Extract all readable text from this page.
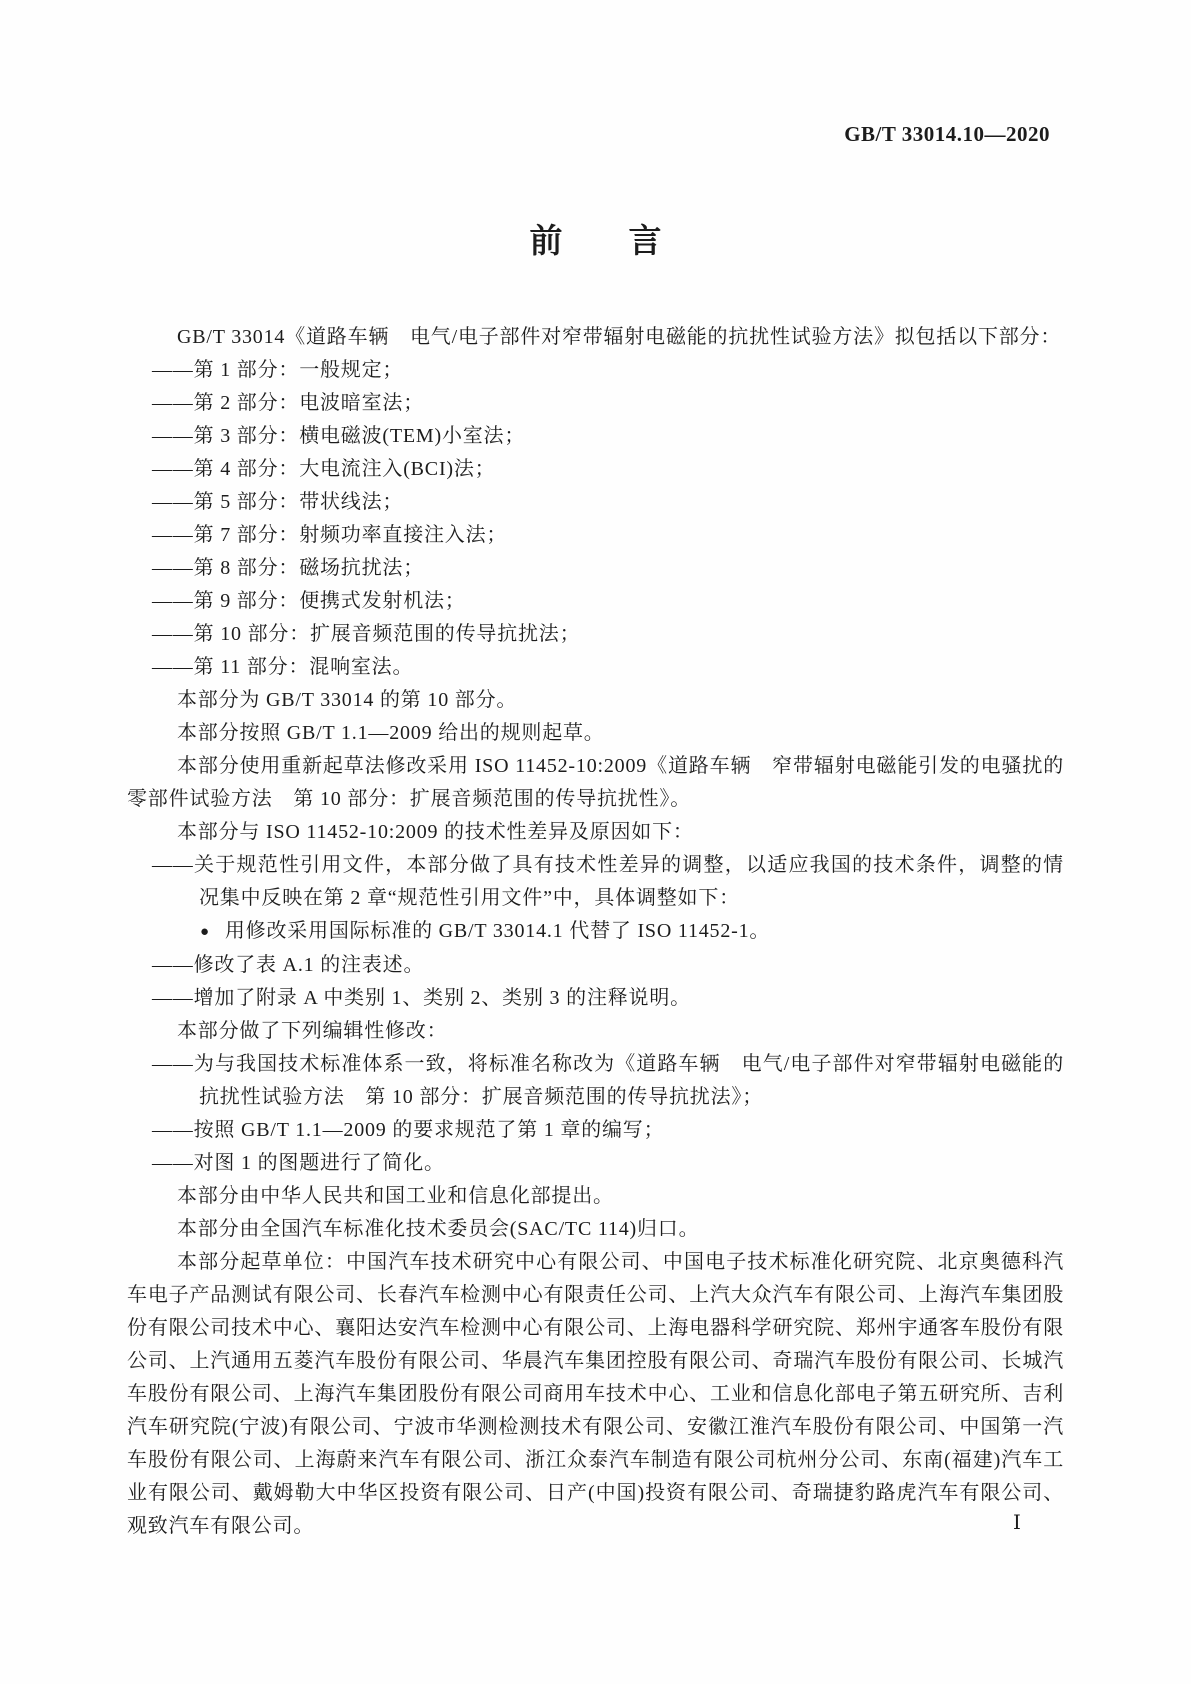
GB/T 33014.10—2020
前　　言
GB/T 33014《道路车辆　电气/电子部件对窄带辐射电磁能的抗扰性试验方法》拟包括以下部分：
——第 1 部分：一般规定；
——第 2 部分：电波暗室法；
——第 3 部分：横电磁波(TEM)小室法；
——第 4 部分：大电流注入(BCI)法；
——第 5 部分：带状线法；
——第 7 部分：射频功率直接注入法；
——第 8 部分：磁场抗扰法；
——第 9 部分：便携式发射机法；
——第 10 部分：扩展音频范围的传导抗扰法；
——第 11 部分：混响室法。
本部分为 GB/T 33014 的第 10 部分。
本部分按照 GB/T 1.1—2009 给出的规则起草。
本部分使用重新起草法修改采用 ISO 11452-10:2009《道路车辆　窄带辐射电磁能引发的电骚扰的零部件试验方法　第 10 部分：扩展音频范围的传导抗扰性》。
本部分与 ISO 11452-10:2009 的技术性差异及原因如下：
——关于规范性引用文件，本部分做了具有技术性差异的调整，以适应我国的技术条件，调整的情况集中反映在第 2 章“规范性引用文件”中，具体调整如下：
● 用修改采用国际标准的 GB/T 33014.1 代替了 ISO 11452-1。
——修改了表 A.1 的注表述。
——增加了附录 A 中类别 1、类别 2、类别 3 的注释说明。
本部分做了下列编辑性修改：
——为与我国技术标准体系一致，将标准名称改为《道路车辆　电气/电子部件对窄带辐射电磁能的抗扰性试验方法　第 10 部分：扩展音频范围的传导抗扰法》；
——按照 GB/T 1.1—2009 的要求规范了第 1 章的编写；
——对图 1 的图题进行了简化。
本部分由中华人民共和国工业和信息化部提出。
本部分由全国汽车标准化技术委员会(SAC/TC 114)归口。
本部分起草单位：中国汽车技术研究中心有限公司、中国电子技术标准化研究院、北京奥德科汽车电子产品测试有限公司、长春汽车检测中心有限责任公司、上汽大众汽车有限公司、上海汽车集团股份有限公司技术中心、襄阳达安汽车检测中心有限公司、上海电器科学研究院、郑州宇通客车股份有限公司、上汽通用五菱汽车股份有限公司、华晨汽车集团控股有限公司、奇瑞汽车股份有限公司、长城汽车股份有限公司、上海汽车集团股份有限公司商用车技术中心、工业和信息化部电子第五研究所、吉利汽车研究院(宁波)有限公司、宁波市华测检测技术有限公司、安徽江淮汽车股份有限公司、中国第一汽车股份有限公司、上海蔚来汽车有限公司、浙江众泰汽车制造有限公司杭州分公司、东南(福建)汽车工业有限公司、戴姆勒大中华区投资有限公司、日产(中国)投资有限公司、奇瑞捷豹路虎汽车有限公司、观致汽车有限公司。	Ⅰ
